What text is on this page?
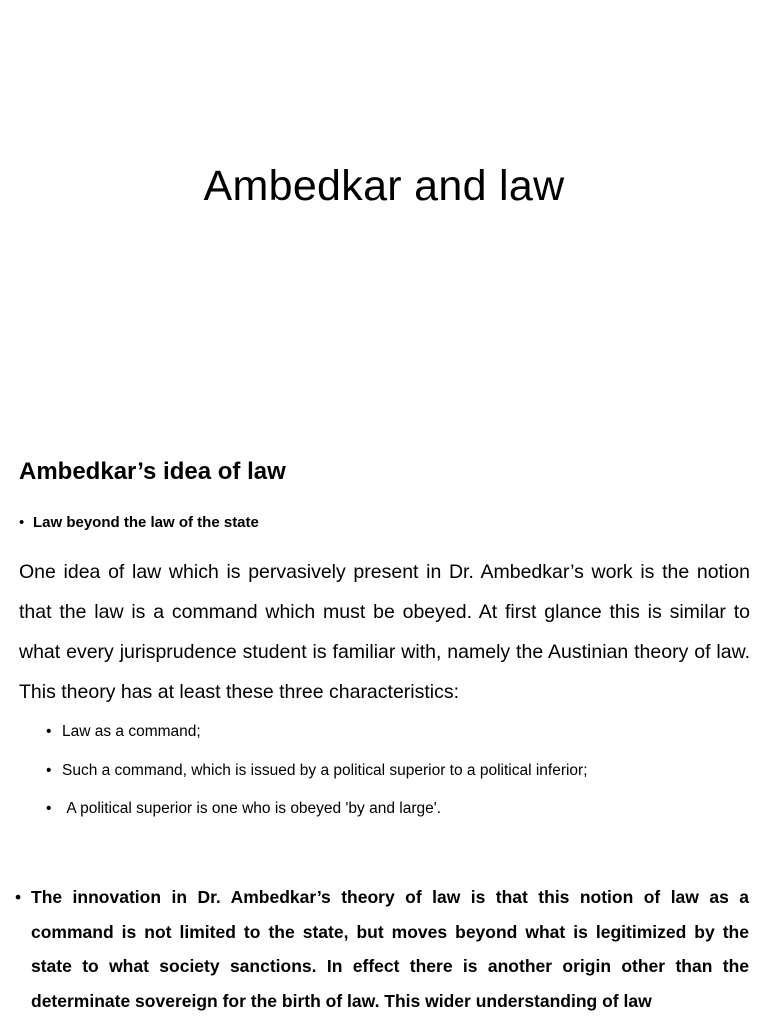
Ambedkar and law
Ambedkar’s idea of law
• Law beyond the law of the state

One idea of law which is pervasively present in Dr. Ambedkar’s work is the notion that the law is a command which must be obeyed. At first glance this is similar to what every jurisprudence student is familiar with, namely the Austinian theory of law. This theory has at least these three characteristics:

• Law as a command;
• Such a command, which is issued by a political superior to a political inferior;
• A political superior is one who is obeyed 'by and large'.
• The innovation in Dr. Ambedkar’s theory of law is that this notion of law as a command is not limited to the state, but moves beyond what is legitimized by the state to what society sanctions. In effect there is another origin other than the determinate sovereign for the birth of law. This wider understanding of law
